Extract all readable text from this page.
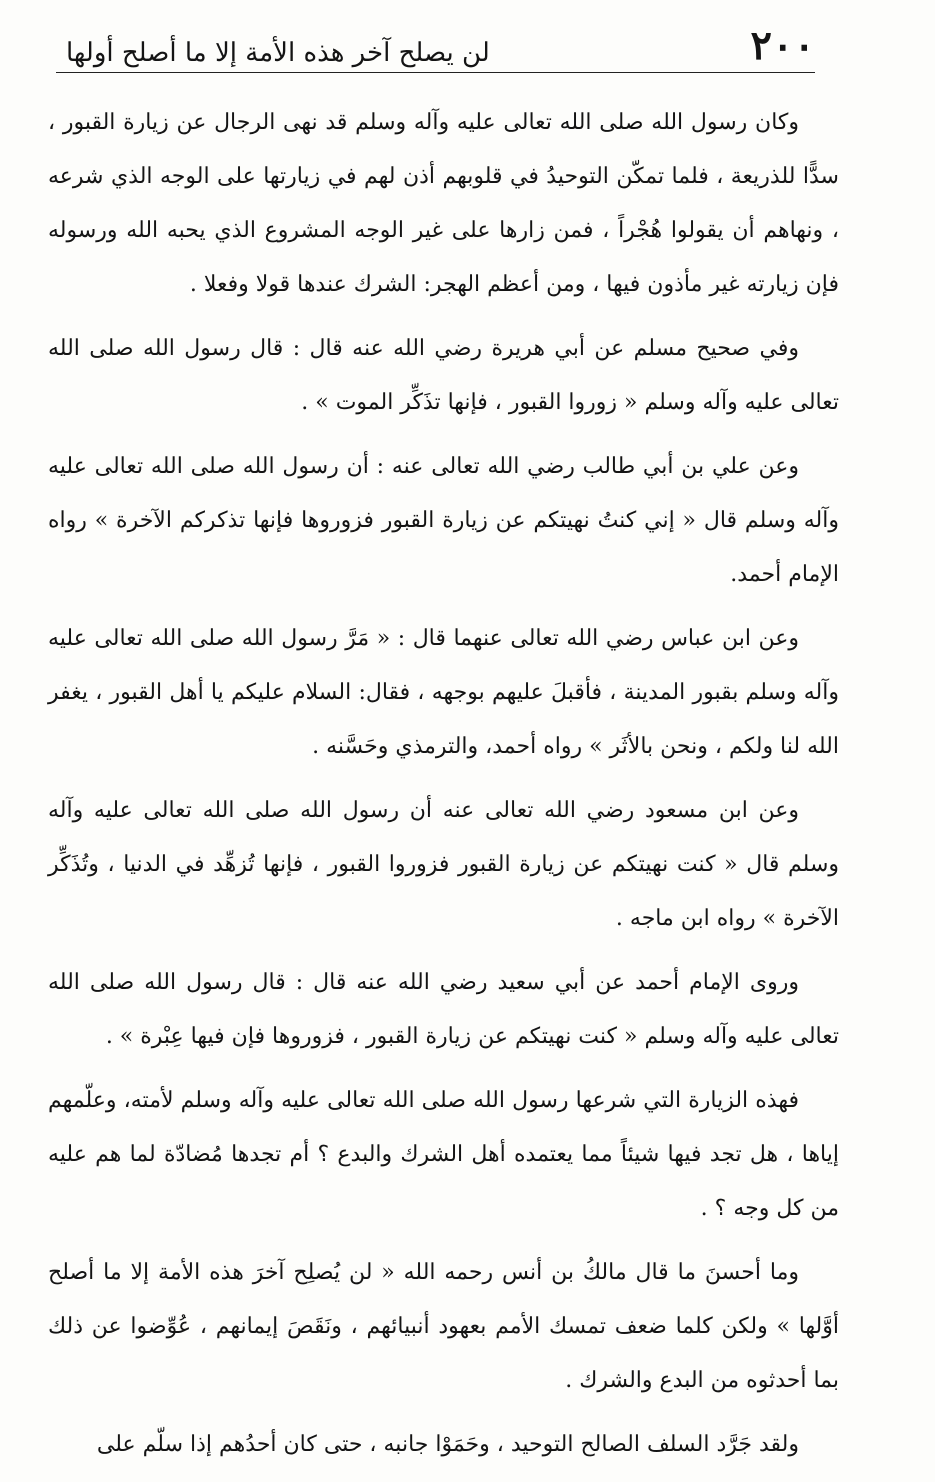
٢٠٠
لن يصلح آخر هذه الأمة إلا ما أصلح أولها

وكان رسول الله صلى الله تعالى عليه وآله وسلم قد نهى الرجال عن زيارة القبور ، سدًّا للذريعة ، فلما تمكّن التوحيدُ في قلوبهم أذن لهم في زيارتها على الوجه الذي شرعه ، ونهاهم أن يقولوا هُجْراً ، فمن زارها على غير الوجه المشروع الذي يحبه الله ورسوله فإن زيارته غير مأذون فيها ، ومن أعظم الهجر: الشرك عندها قولا وفعلا .

وفي صحيح مسلم عن أبي هريرة رضي الله عنه قال : قال رسول الله صلى الله تعالى عليه وآله وسلم « زوروا القبور ، فإنها تذَكِّر الموت » .

وعن علي بن أبي طالب رضي الله تعالى عنه : أن رسول الله صلى الله تعالى عليه وآله وسلم قال « إني كنتُ نهيتكم عن زيارة القبور فزوروها فإنها تذكركم الآخرة » رواه الإمام أحمد.

وعن ابن عباس رضي الله تعالى عنهما قال : « مَرَّ رسول الله صلى الله تعالى عليه وآله وسلم بقبور المدينة ، فأقبلَ عليهم بوجهه ، فقال: السلام عليكم يا أهل القبور ، يغفر الله لنا ولكم ، ونحن بالأثَر » رواه أحمد، والترمذي وحَسَّنه .

وعن ابن مسعود رضي الله تعالى عنه أن رسول الله صلى الله تعالى عليه وآله وسلم قال « كنت نهيتكم عن زيارة القبور فزوروا القبور ، فإنها تُزهِّد في الدنيا ، وتُذَكِّر الآخرة » رواه ابن ماجه .

وروى الإمام أحمد عن أبي سعيد رضي الله عنه قال : قال رسول الله صلى الله تعالى عليه وآله وسلم « كنت نهيتكم عن زيارة القبور ، فزوروها فإن فيها عِبْرة » .

فهذه الزيارة التي شرعها رسول الله صلى الله تعالى عليه وآله وسلم لأمته، وعلّمهم إياها ، هل تجد فيها شيئاً مما يعتمده أهل الشرك والبدع ؟ أم تجدها مُضادّة لما هم عليه من كل وجه ؟ .

وما أحسنَ ما قال مالكُ بن أنس رحمه الله « لن يُصلِح آخرَ هذه الأمة إلا ما أصلح أوَّلها » ولكن كلما ضعف تمسك الأمم بعهود أنبيائهم ، ونَقَصَ إيمانهم ، عُوِّضوا عن ذلك بما أحدثوه من البدع والشرك .

ولقد جَرَّد السلف الصالح التوحيد ، وحَمَوْا جانبه ، حتى كان أحدُهم إذا سلّم على
